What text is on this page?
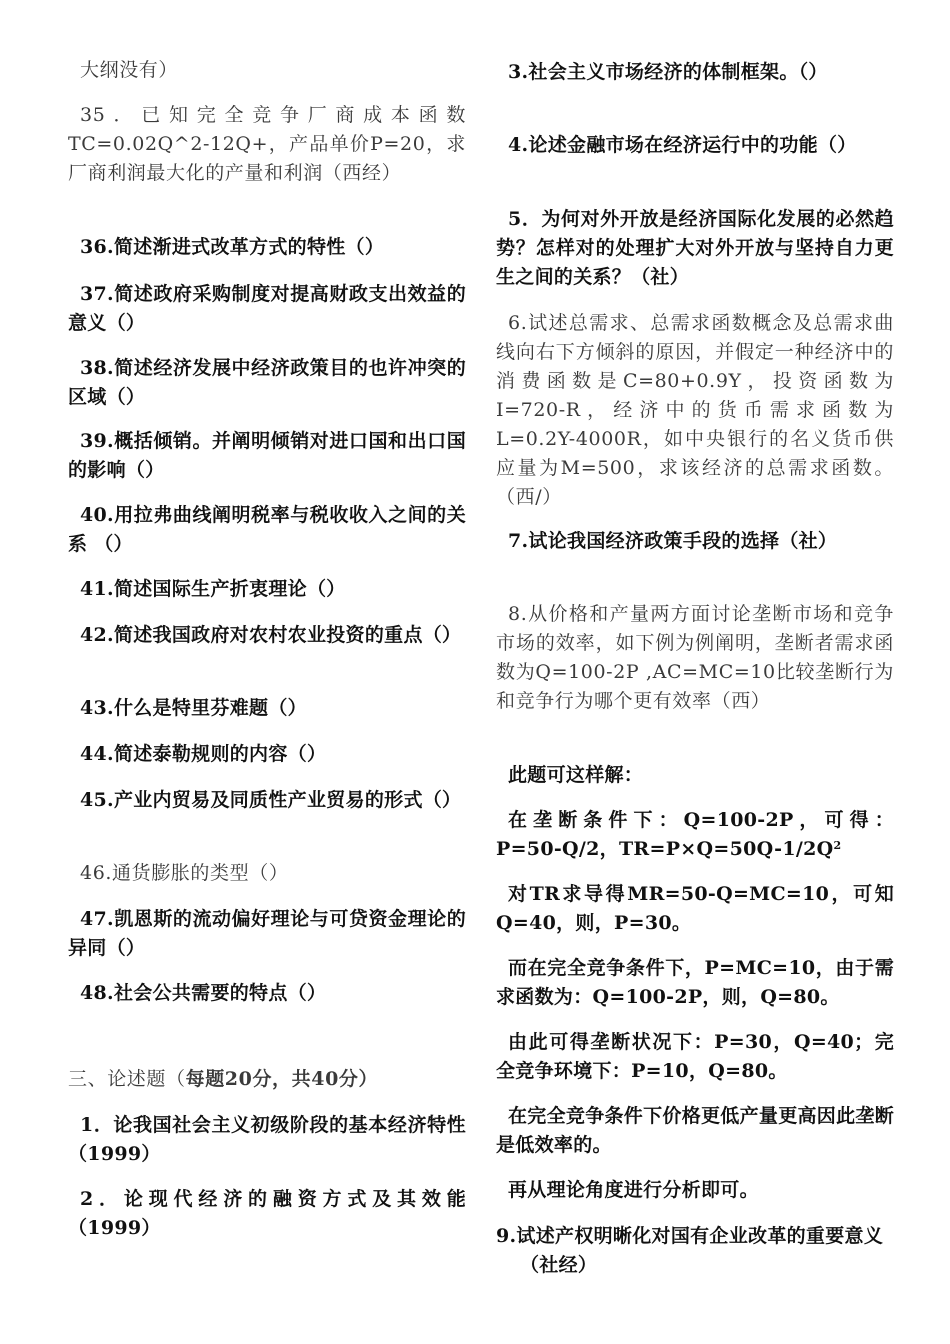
大纲没有）

35．已知完全竞争厂商成本函数TC=0.02Q^2-12Q+，产品单价P=20，求厂商利润最大化的产量和利润（西经）

36.简述渐进式改革方式的特性（）

37.简述政府采购制度对提高财政支出效益的意义（）

38.简述经济发展中经济政策目的也许冲突的区域（）

39.概括倾销。并阐明倾销对进口国和出口国的影响（）

40.用拉弗曲线阐明税率与税收收入之间的关系 （）

41.简述国际生产折衷理论（）

42.简述我国政府对农村农业投资的重点（）

43.什么是特里芬难题（）

44.简述泰勒规则的内容（）

45.产业内贸易及同质性产业贸易的形式（）

46.通货膨胀的类型（）

47.凯恩斯的流动偏好理论与可贷资金理论的异同（）

48.社会公共需要的特点（）

三、论述题（每题20分，共40分）

1．论我国社会主义初级阶段的基本经济特性（1999）

2．论现代经济的融资方式及其效能（1999）

3.社会主义市场经济的体制框架。（）

4.论述金融市场在经济运行中的功能（）

5．为何对外开放是经济国际化发展的必然趋势？怎样对的处理扩大对外开放与坚持自力更生之间的关系？（社）

6.试述总需求、总需求函数概念及总需求曲线向右下方倾斜的原因，并假定一种经济中的消费函数是C=80+0.9Y，投资函数为I=720-R，经济中的货币需求函数为L=0.2Y-4000R，如中央银行的名义货币供应量为M=500，求该经济的总需求函数。（西/）

7.试论我国经济政策手段的选择（社）

8.从价格和产量两方面讨论垄断市场和竞争市场的效率，如下例为例阐明，垄断者需求函数为Q=100-2P ,AC=MC=10比较垄断行为和竞争行为哪个更有效率（西）

此题可这样解：

在垄断条件下：Q=100-2P，可得：P=50-Q/2，$TR=P\times Q=50Q-1/2Q^2$

对TR求导得MR=50-Q=MC=10，可知Q=40，则，P=30。

而在完全竞争条件下，P=MC=10，由于需求函数为：Q=100-2P，则，Q=80。

由此可得垄断状况下：P=30，Q=40；完全竞争环境下：P=10，Q=80。

在完全竞争条件下价格更低产量更高因此垄断是低效率的。

再从理论角度进行分析即可。

9.试述产权明晰化对国有企业改革的重要意义（社经）
